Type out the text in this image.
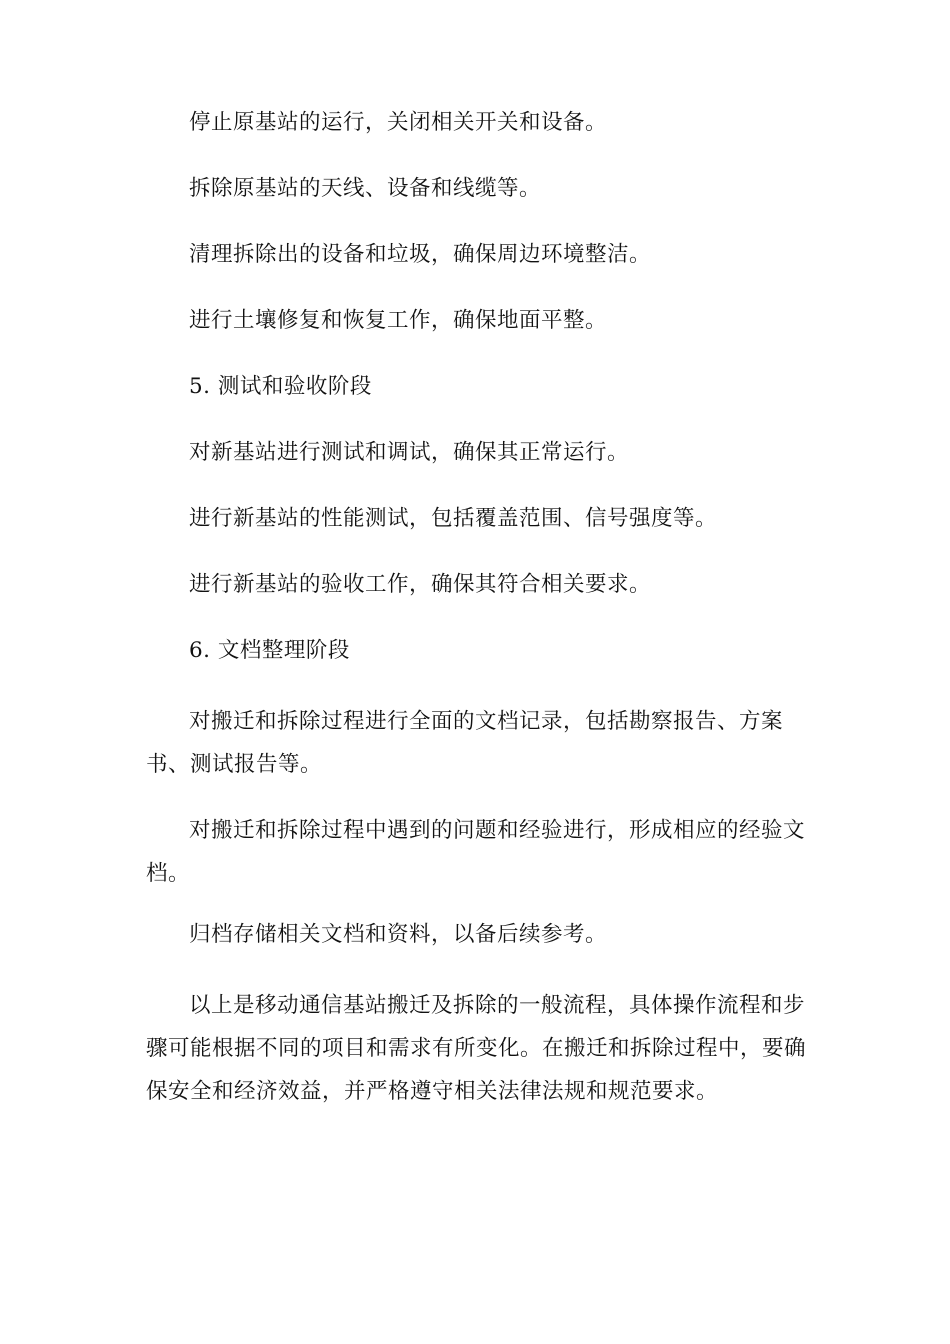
停止原基站的运行，关闭相关开关和设备。

拆除原基站的天线、设备和线缆等。

清理拆除出的设备和垃圾，确保周边环境整洁。

进行土壤修复和恢复工作，确保地面平整。

5. 测试和验收阶段

对新基站进行测试和调试，确保其正常运行。

进行新基站的性能测试，包括覆盖范围、信号强度等。

进行新基站的验收工作，确保其符合相关要求。

6. 文档整理阶段

对搬迁和拆除过程进行全面的文档记录，包括勘察报告、方案书、测试报告等。

对搬迁和拆除过程中遇到的问题和经验进行，形成相应的经验文档。

归档存储相关文档和资料，以备后续参考。

以上是移动通信基站搬迁及拆除的一般流程，具体操作流程和步骤可能根据不同的项目和需求有所变化。在搬迁和拆除过程中，要确保安全和经济效益，并严格遵守相关法律法规和规范要求。
